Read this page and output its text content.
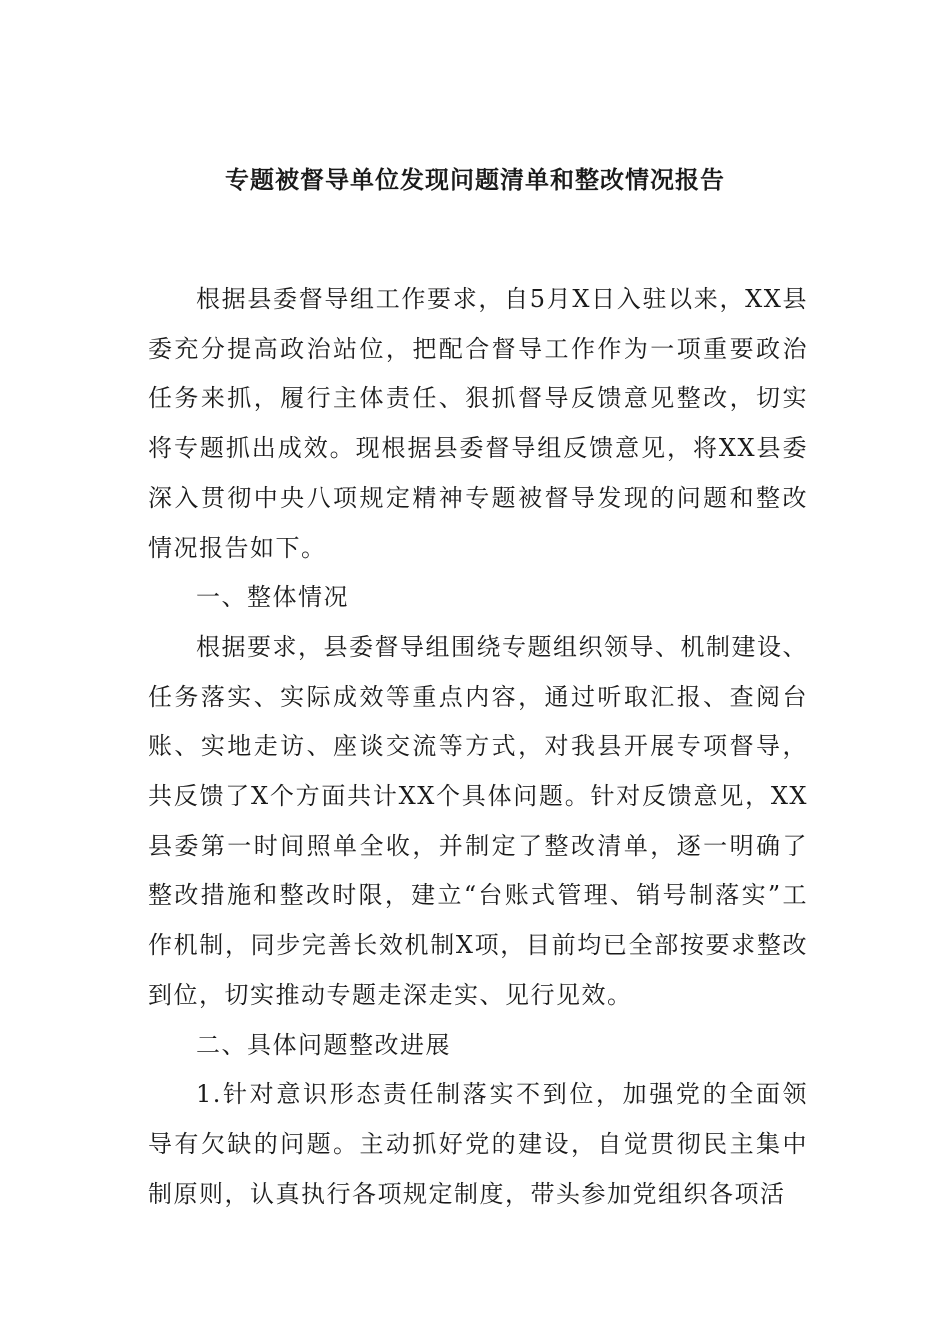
专题被督导单位发现问题清单和整改情况报告

根据县委督导组工作要求，自5月X日入驻以来，XX县委充分提高政治站位，把配合督导工作作为一项重要政治任务来抓，履行主体责任、狠抓督导反馈意见整改，切实将专题抓出成效。现根据县委督导组反馈意见，将XX县委深入贯彻中央八项规定精神专题被督导发现的问题和整改情况报告如下。

一、整体情况

根据要求，县委督导组围绕专题组织领导、机制建设、任务落实、实际成效等重点内容，通过听取汇报、查阅台账、实地走访、座谈交流等方式，对我县开展专项督导，共反馈了X个方面共计XX个具体问题。针对反馈意见，XX县委第一时间照单全收，并制定了整改清单，逐一明确了整改措施和整改时限，建立“台账式管理、销号制落实”工作机制，同步完善长效机制X项，目前均已全部按要求整改到位，切实推动专题走深走实、见行见效。

二、具体问题整改进展

1.针对意识形态责任制落实不到位，加强党的全面领导有欠缺的问题。主动抓好党的建设，自觉贯彻民主集中制原则，认真执行各项规定制度，带头参加党组织各项活
